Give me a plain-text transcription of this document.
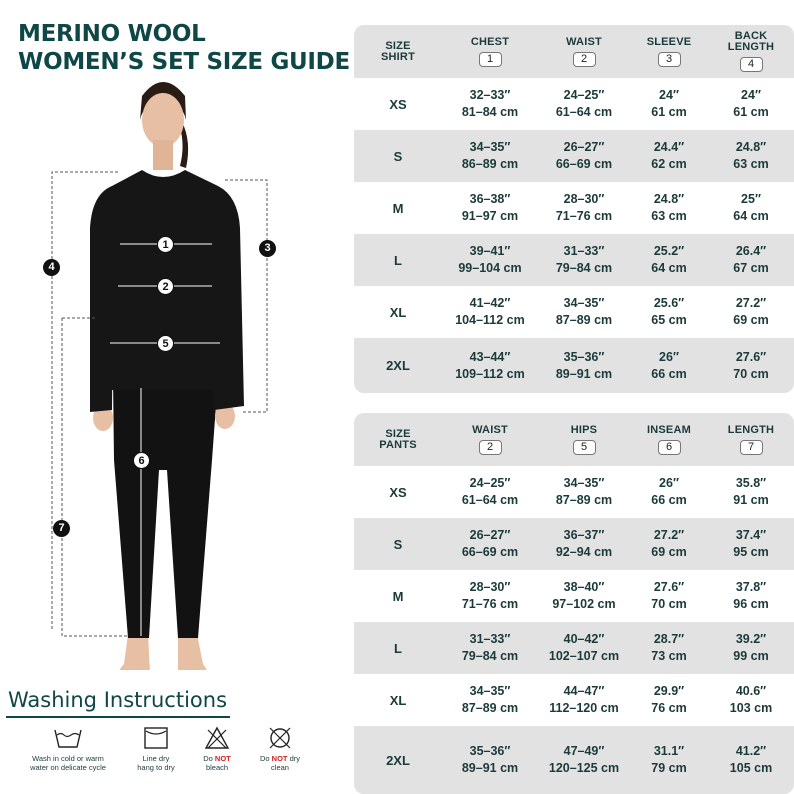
MERINO WOOL
WOMEN’S SET SIZE GUIDE
1
2
3
4
5
6
7
Washing Instructions
Wash in cold or warm
water on delicate cycle
Line dry
hang to dry
Do NOT
bleach
Do NOT dry
clean
SIZE
SHIRT
CHEST
1
WAIST
2
SLEEVE
3
BACK
LENGTH
4
XS
32–33″
81–84 cm
24–25″
61–64 cm
24″
61 cm
24″
61 cm
S
34–35″
86–89 cm
26–27″
66–69 cm
24.4″
62 cm
24.8″
63 cm
M
36–38″
91–97 cm
28–30″
71–76 cm
24.8″
63 cm
25″
64 cm
L
39–41″
99–104 cm
31–33″
79–84 cm
25.2″
64 cm
26.4″
67 cm
XL
41–42″
104–112 cm
34–35″
87–89 cm
25.6″
65 cm
27.2″
69 cm
2XL
43–44″
109–112 cm
35–36″
89–91 cm
26″
66 cm
27.6″
70 cm
SIZE
PANTS
WAIST
2
HIPS
5
INSEAM
6
LENGTH
7
XS
24–25″
61–64 cm
34–35″
87–89 cm
26″
66 cm
35.8″
91 cm
S
26–27″
66–69 cm
36–37″
92–94 cm
27.2″
69 cm
37.4″
95 cm
M
28–30″
71–76 cm
38–40″
97–102 cm
27.6″
70 cm
37.8″
96 cm
L
31–33″
79–84 cm
40–42″
102–107 cm
28.7″
73 cm
39.2″
99 cm
XL
34–35″
87–89 cm
44–47″
112–120 cm
29.9″
76 cm
40.6″
103 cm
2XL
35–36″
89–91 cm
47–49″
120–125 cm
31.1″
79 cm
41.2″
105 cm
